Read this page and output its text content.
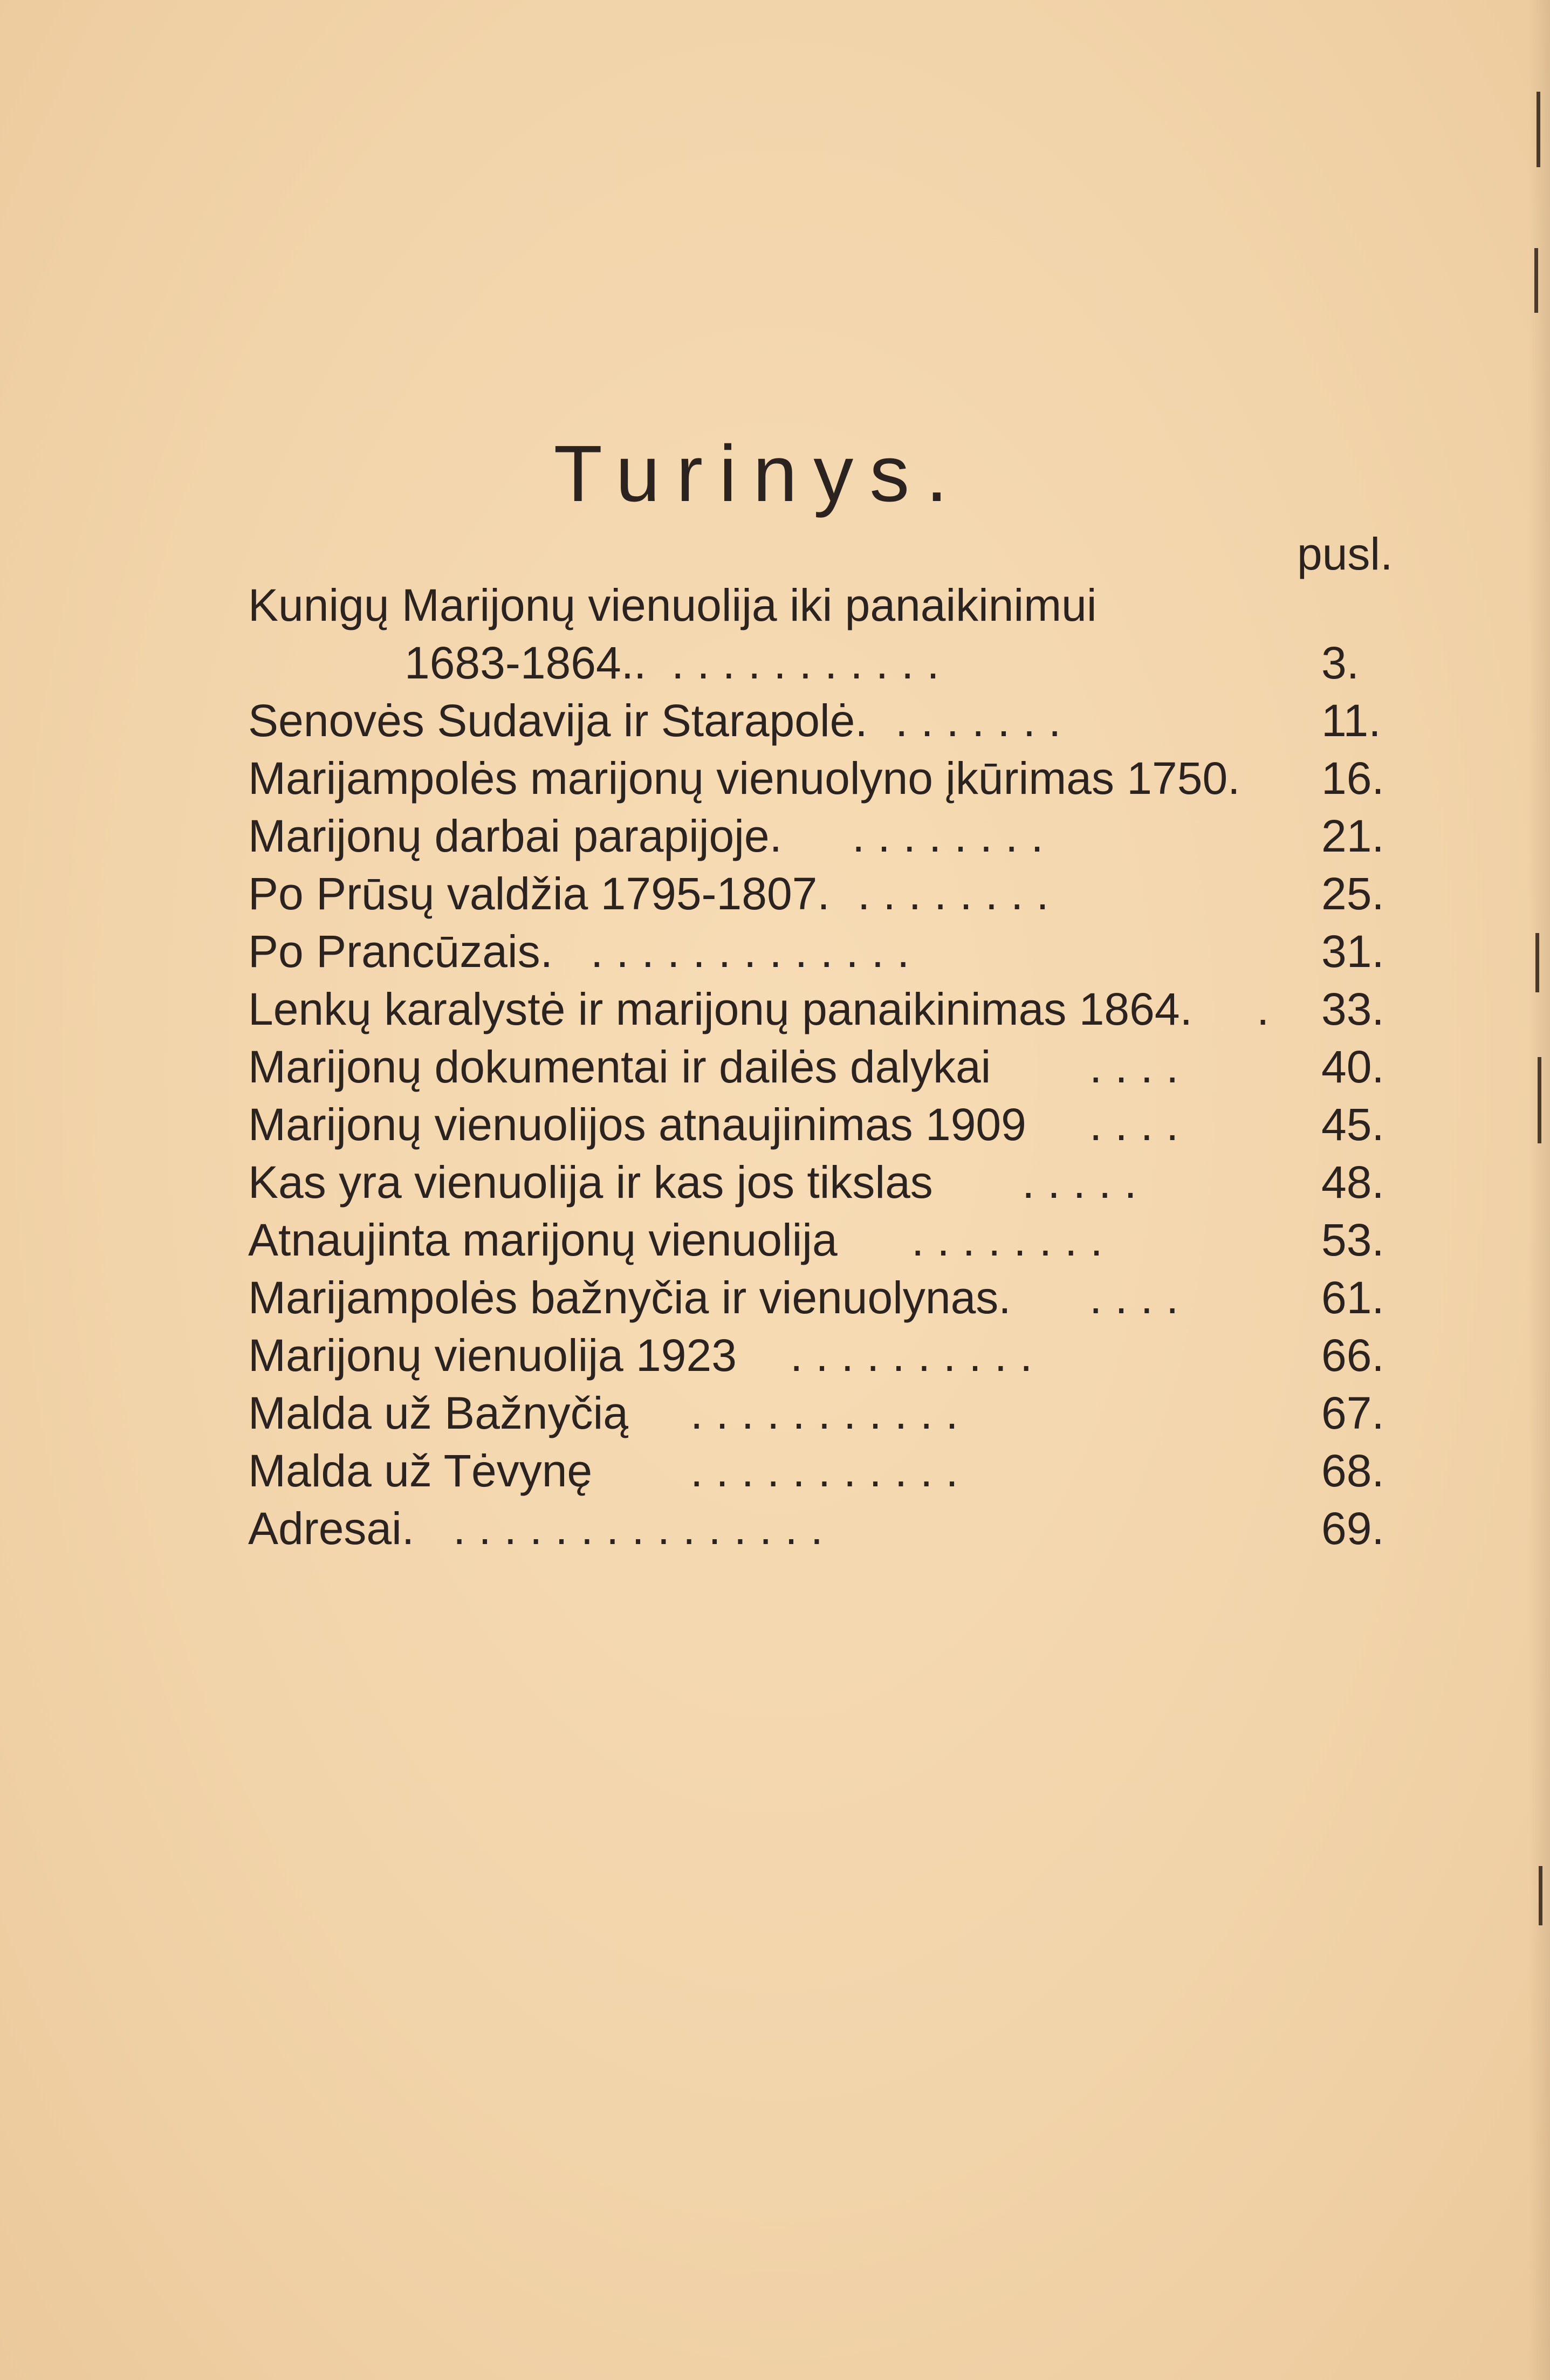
Turinys.
pusl.
Kunigų Marijonų vienuolija iki panaikinimui
1683-1864.. ...........	3.
Senovės Sudavija ir Starapolė. .......	11.
Marijampolės marijonų vienuolyno įkūrimas 1750. 16.
Marijonų darbai parapijoje. ........	21.
Po Prūsų valdžia 1795-1807. ........	25.
Po Prancūzais. .............	31.
Lenkų karalystė ir marijonų panaikinimas 1864. . 33.
Marijonų dokumentai ir dailės dalykai ....	40.
Marijonų vienuolijos atnaujinimas 1909 ....	45.
Kas yra vienuolija ir kas jos tikslas .....	48.
Atnaujinta marijonų vienuolija ........	53.
Marijampolės bažnyčia ir vienuolynas. ....	61.
Marijonų vienuolija 1923 ..........	66.
Malda už Bažnyčią ...........	67.
Malda už Tėvynę ...........	68.
Adresai. ...............	69.
